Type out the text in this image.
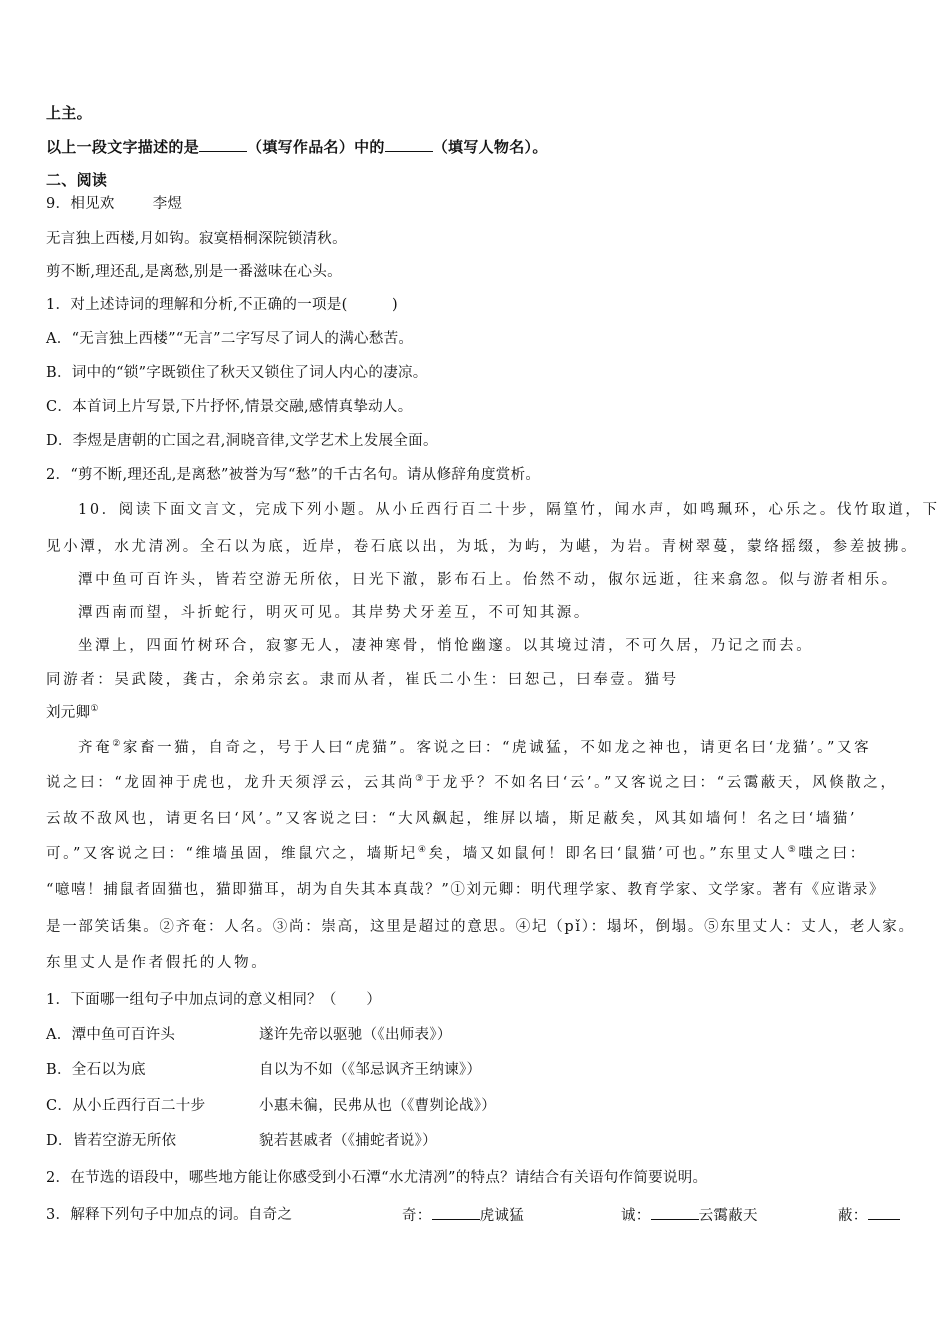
上主。
以上一段文字描述的是	（填写作品名）中的	（填写人物名）。
二、阅读
9．相见欢	李煜
无言独上西楼,月如钩。寂寞梧桐深院锁清秋。
剪不断,理还乱,是离愁,别是一番滋味在心头。
1．对上述诗词的理解和分析,不正确的一项是(　　　)
A．“无言独上西楼”“无言”二字写尽了词人的满心愁苦。
B．词中的“锁”字既锁住了秋天又锁住了词人内心的凄凉。
C．本首词上片写景,下片抒怀,情景交融,感情真挚动人。
D．李煜是唐朝的亡国之君,洞晓音律,文学艺术上发展全面。
2．“剪不断,理还乱,是离愁”被誉为写“愁”的千古名句。请从修辞角度赏析。
10．阅读下面文言文，完成下列小题。从小丘西行百二十步，隔篁竹，闻水声，如鸣珮环，心乐之。伐竹取道，下
见小潭，水尤清冽。全石以为底，近岸，卷石底以出，为坻，为屿，为嵁，为岩。青树翠蔓，蒙络摇缀，参差披拂。
潭中鱼可百许头，皆若空游无所依，日光下澈，影布石上。佁然不动，俶尔远逝，往来翕忽。似与游者相乐。
潭西南而望，斗折蛇行，明灭可见。其岸势犬牙差互，不可知其源。
坐潭上，四面竹树环合，寂寥无人，凄神寒骨，悄怆幽邃。以其境过清，不可久居，乃记之而去。
同游者：吴武陵，龚古，余弟宗玄。隶而从者，崔氏二小生：曰恕己，曰奉壹。猫号
刘元卿①
齐奄②家畜一猫，自奇之，号于人曰“虎猫”。客说之曰：“虎诚猛，不如龙之神也，请更名曰‘龙猫’。”又客
说之曰：“龙固神于虎也，龙升天须浮云，云其尚③于龙乎？不如名曰‘云’。”又客说之曰：“云霭蔽天，风倏散之，
云故不敌风也，请更名曰‘风’。”又客说之曰：“大风飙起，维屏以墙，斯足蔽矣，风其如墙何！名之曰‘墙猫’
可。”又客说之曰：“维墙虽固，维鼠穴之，墙斯圮④矣，墙又如鼠何！即名曰‘鼠猫’可也。”东里丈人⑤嗤之曰：
“噫嘻！捕鼠者固猫也，猫即猫耳，胡为自失其本真哉？”①刘元卿：明代理学家、教育学家、文学家。著有《应谐录》
是一部笑话集。②齐奄：人名。③尚：崇高，这里是超过的意思。④圮（pǐ）：塌坏，倒塌。⑤东里丈人：丈人，老人家。
东里丈人是作者假托的人物。
1．下面哪一组句子中加点词的意义相同？（　　）
A．潭中鱼可百许头	遂许先帝以驱驰（《出师表》）
B．全石以为底	自以为不如（《邹忌讽齐王纳谏》）
C．从小丘西行百二十步	小惠未徧，民弗从也（《曹刿论战》）
D．皆若空游无所依	貌若甚戚者（《捕蛇者说》）
2．在节选的语段中，哪些地方能让你感受到小石潭“水尤清冽”的特点？请结合有关语句作简要说明。
3．解释下列句子中加点的词。自奇之	奇：	虎诚猛	诚：	云霭蔽天	蔽：
